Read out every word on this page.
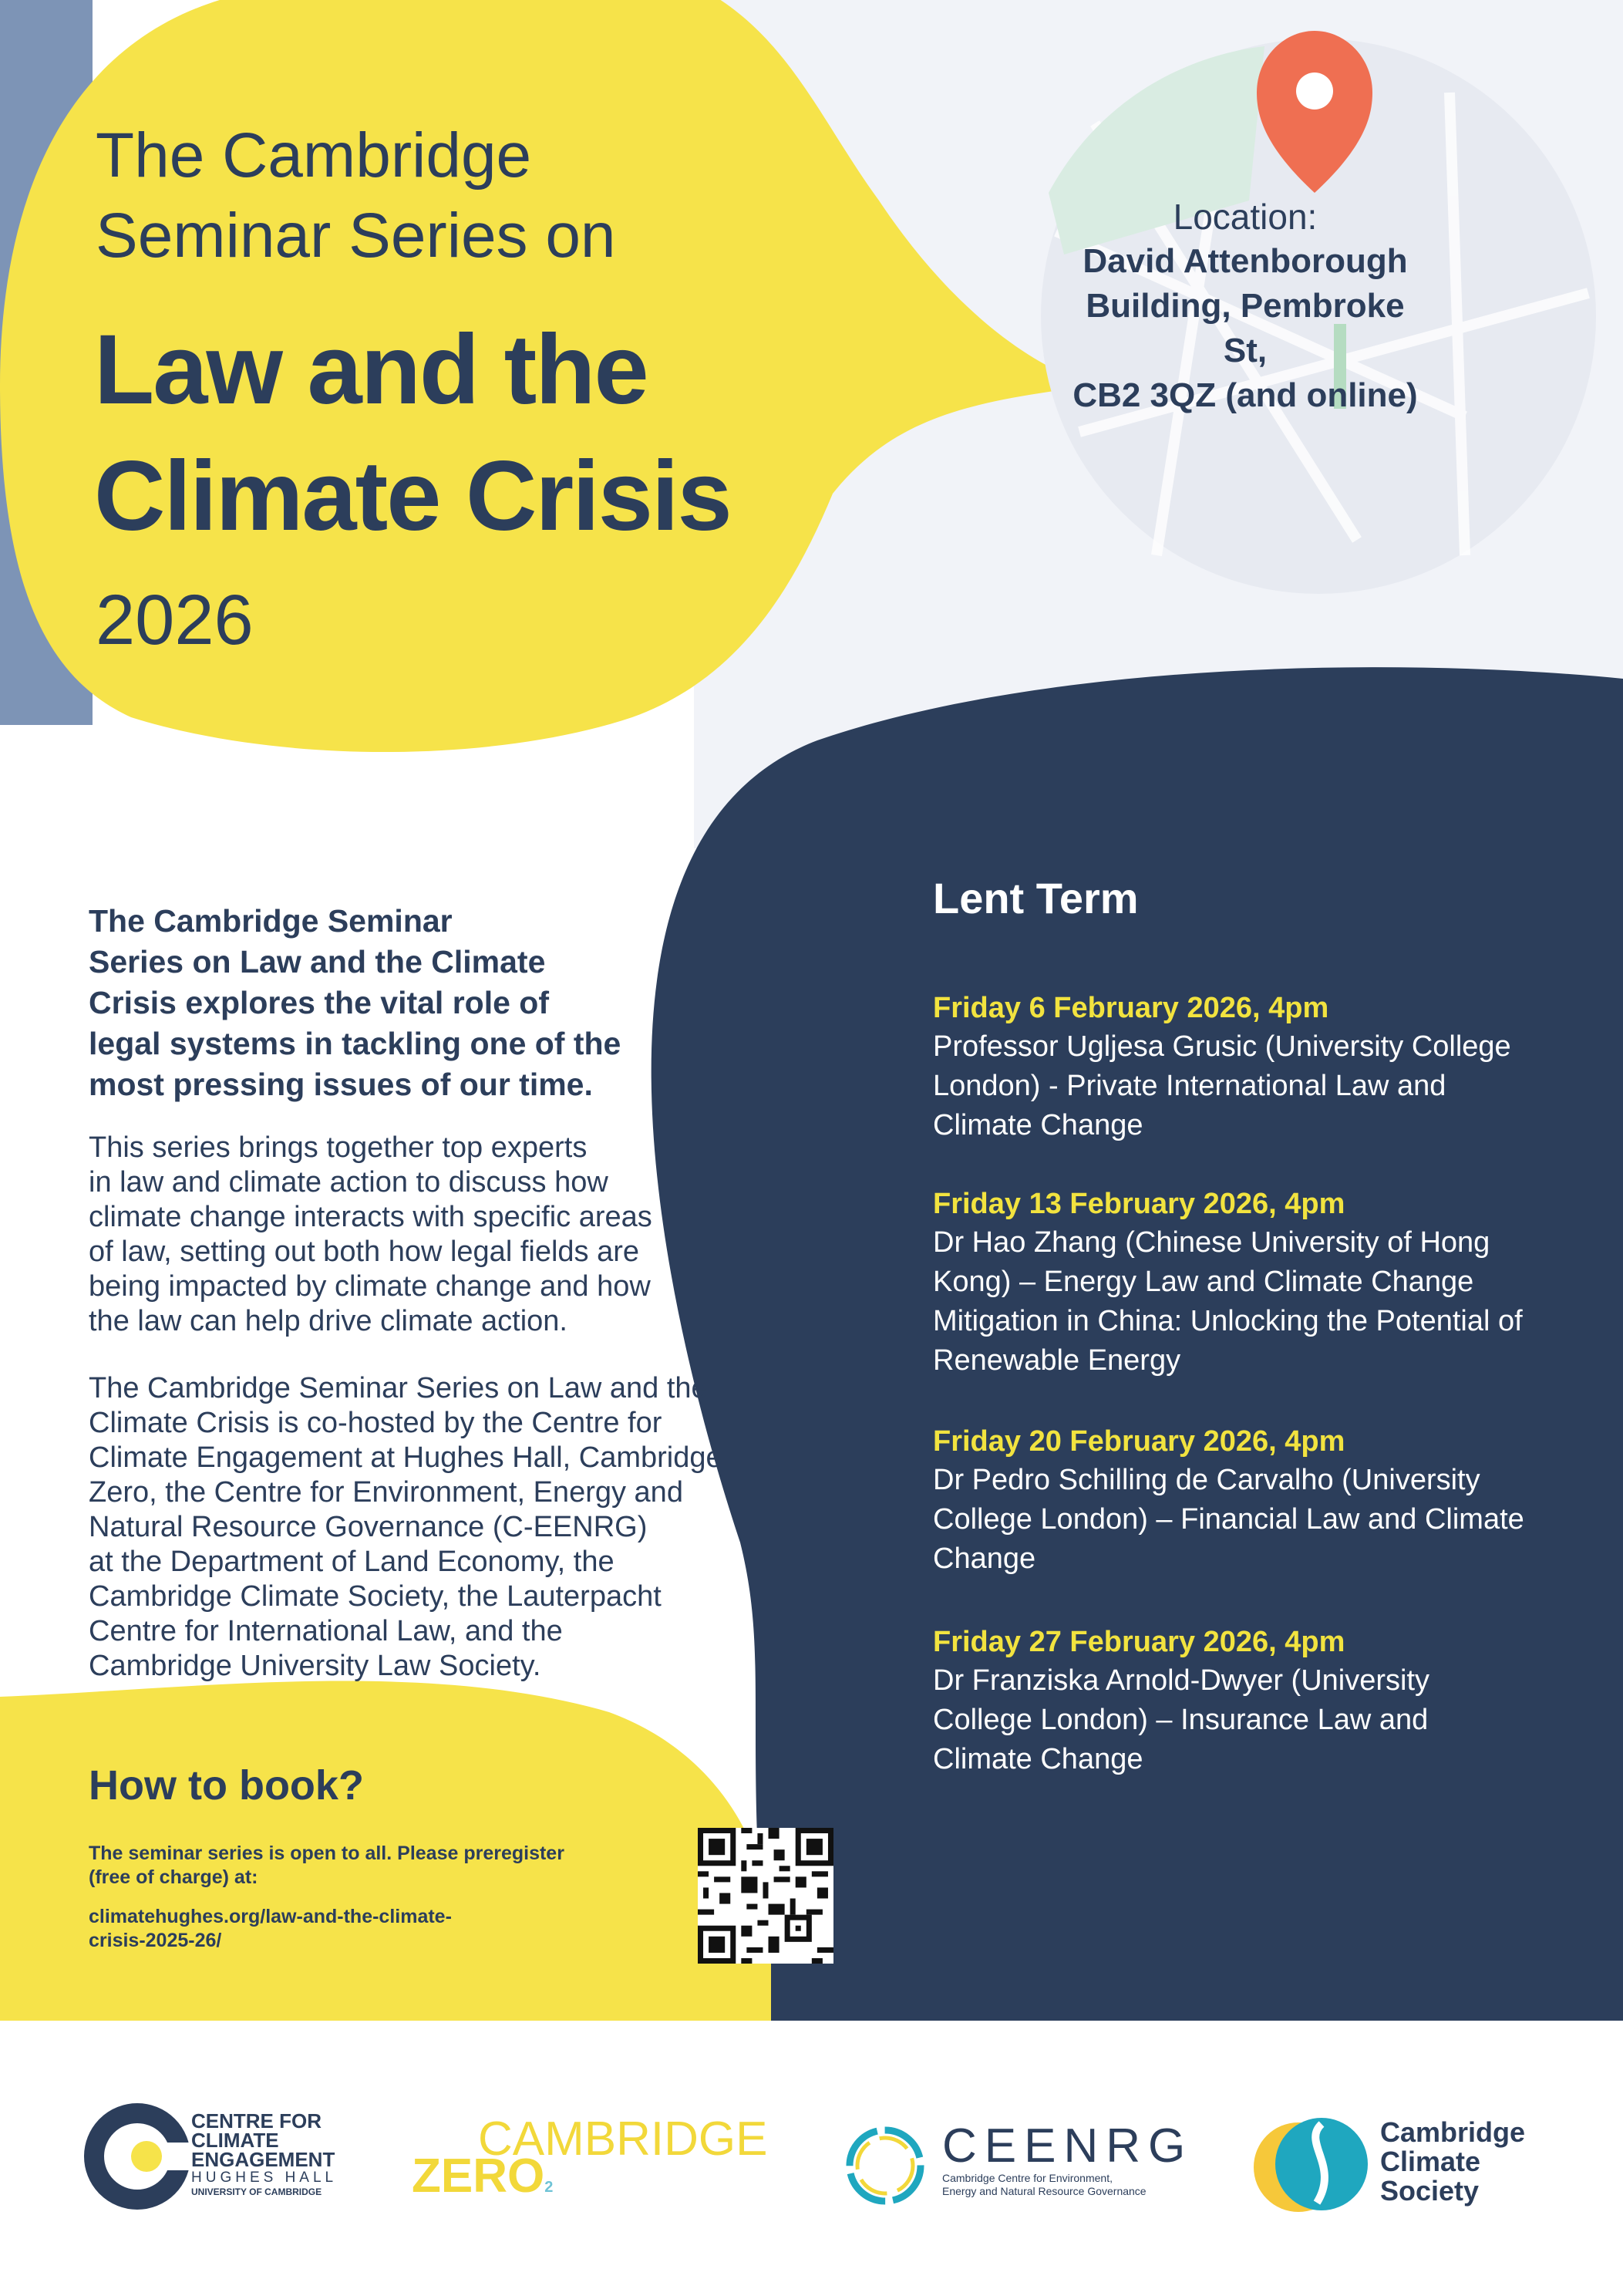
The Cambridge
Seminar Series on
Law and the
Climate Crisis
2026
Location:
David Attenborough
Building, Pembroke St,
CB2 3QZ (and online)
The Cambridge Seminar
Series on Law and the Climate
Crisis explores the vital role of
legal systems in tackling one of the
most pressing issues of our time.
This series brings together top experts
in law and climate action to discuss how
climate change interacts with specific areas
of law, setting out both how legal fields are
being impacted by climate change and how
the law can help drive climate action.
The Cambridge Seminar Series on Law and the
Climate Crisis is co-hosted by the Centre for
Climate Engagement at Hughes Hall, Cambridge
Zero, the Centre for Environment, Energy and
Natural Resource Governance (C-EENRG)
at the Department of Land Economy, the
Cambridge Climate Society, the Lauterpacht
Centre for International Law, and the
Cambridge University Law Society.
Lent Term
Friday 6 February 2026, 4pm
Professor Ugljesa Grusic (University College
London) - Private International Law and
Climate Change
Friday 13 February 2026, 4pm
Dr Hao Zhang (Chinese University of Hong
Kong) – Energy Law and Climate Change
Mitigation in China: Unlocking the Potential of
Renewable Energy
Friday 20 February 2026, 4pm
Dr Pedro Schilling de Carvalho (University
College London) – Financial Law and Climate
Change
Friday 27 February 2026, 4pm
Dr Franziska Arnold-Dwyer (University
College London) – Insurance Law and
Climate Change
How to book?
The seminar series is open to all. Please preregister
(free of charge) at:
climatehughes.org/law-and-the-climate-
crisis-2025-26/
CENTRE FOR
CLIMATE
ENGAGEMENT
HUGHES HALL
UNIVERSITY OF CAMBRIDGE
CAMBRIDGE
ZERO2
CEENRG
Cambridge Centre for Environment,
Energy and Natural Resource Governance
Cambridge
Climate
Society
